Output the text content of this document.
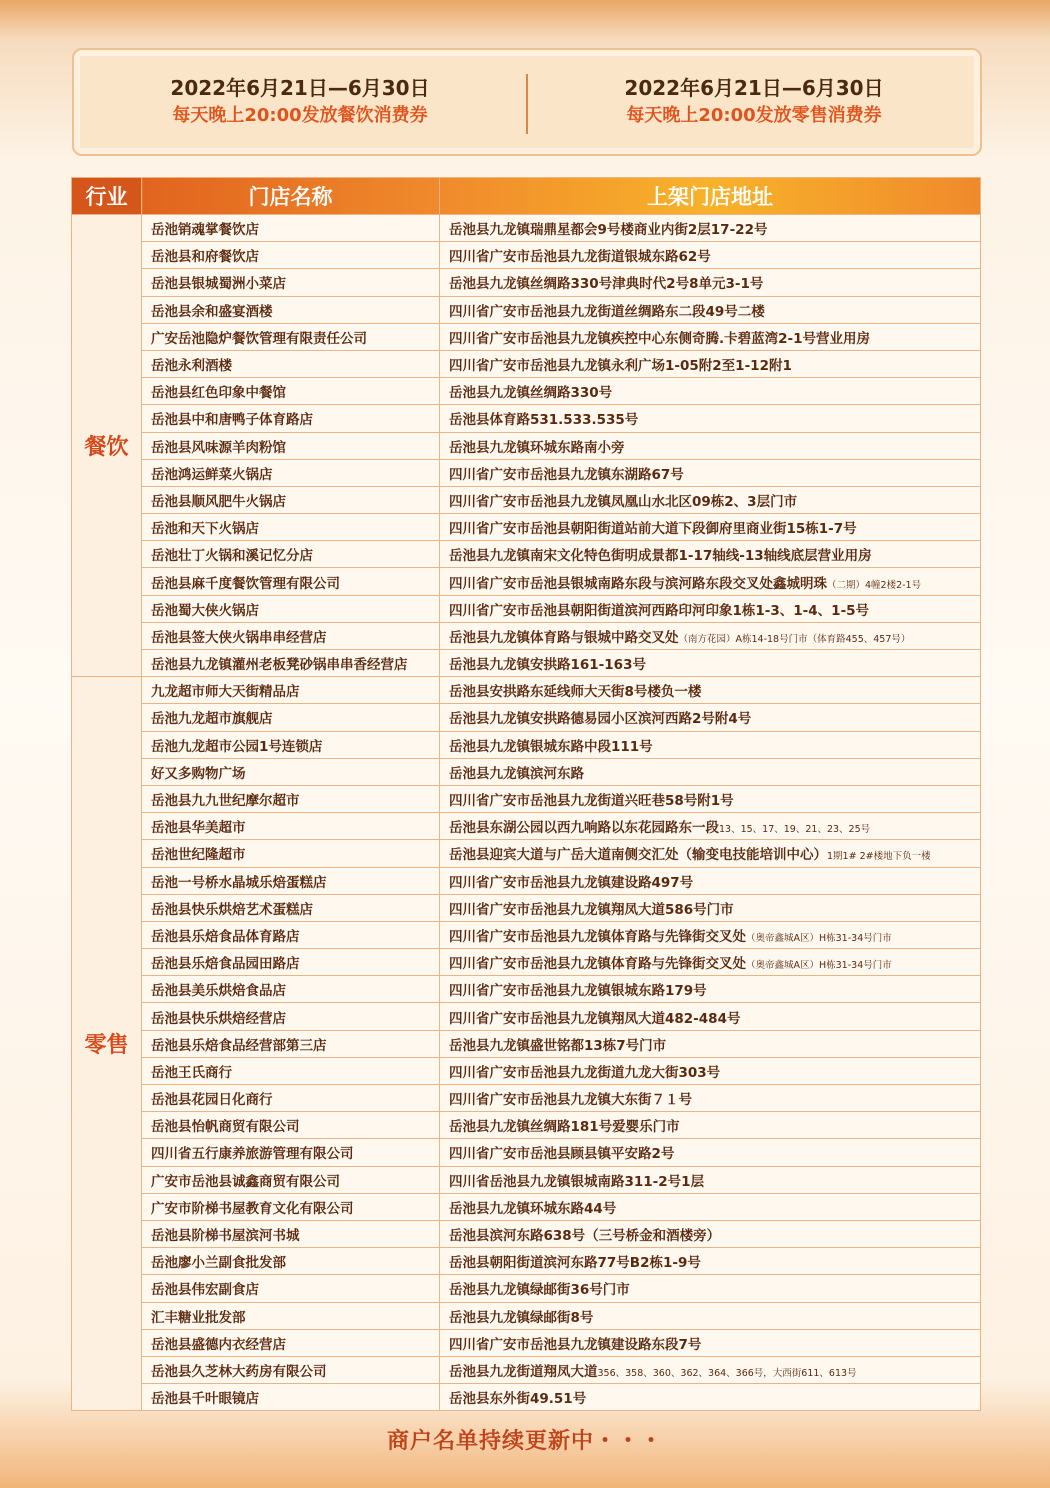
2022年6月21日—6月30日
每天晚上20:00发放餐饮消费券
2022年6月21日—6月30日
每天晚上20:00发放零售消费券
行业	门店名称	上架门店地址
餐饮	岳池销魂掌餐饮店	岳池县九龙镇瑞鼎星都会9号楼商业内街2层17-22号
	岳池县和府餐饮店	四川省广安市岳池县九龙街道银城东路62号
	岳池县银城蜀洲小菜店	岳池县九龙镇丝绸路330号津典时代2号8单元3-1号
	岳池县余和盛宴酒楼	四川省广安市岳池县九龙街道丝绸路东二段49号二楼
	广安岳池隐炉餐饮管理有限责任公司	四川省广安市岳池县九龙镇疾控中心东侧奇腾.卡碧蓝湾2-1号营业用房
	岳池永利酒楼	四川省广安市岳池县九龙镇永利广场1-05附2至1-12附1
	岳池县红色印象中餐馆	岳池县九龙镇丝绸路330号
	岳池县中和唐鸭子体育路店	岳池县体育路531.533.535号
	岳池县风味源羊肉粉馆	岳池县九龙镇环城东路南小旁
	岳池鸿运鲜菜火锅店	四川省广安市岳池县九龙镇东湖路67号
	岳池县顺风肥牛火锅店	四川省广安市岳池县九龙镇凤凰山水北区09栋2、3层门市
	岳池和天下火锅店	四川省广安市岳池县朝阳街道站前大道下段御府里商业街15栋1-7号
	岳池壮丁火锅和溪记忆分店	岳池县九龙镇南宋文化特色街明成景都1-17轴线-13轴线底层营业用房
	岳池县麻千度餐饮管理有限公司	四川省广安市岳池县银城南路东段与滨河路东段交叉处鑫城明珠（二期）4幢2楼2-1号
	岳池蜀大侠火锅店	四川省广安市岳池县朝阳街道滨河西路印河印象1栋1-3、1-4、1-5号
	岳池县签大侠火锅串串经营店	岳池县九龙镇体育路与银城中路交叉处（南方花园）A栋14-18号门市（体育路455、457号）
	岳池县九龙镇灌州老板凳砂锅串串香经营店	岳池县九龙镇安拱路161-163号
零售	九龙超市师大天街精品店	岳池县安拱路东延线师大天街8号楼负一楼
	岳池九龙超市旗舰店	岳池县九龙镇安拱路德易园小区滨河西路2号附4号
	岳池九龙超市公园1号连锁店	岳池县九龙镇银城东路中段111号
	好又多购物广场	岳池县九龙镇滨河东路
	岳池县九九世纪摩尔超市	四川省广安市岳池县九龙街道兴旺巷58号附1号
	岳池县华美超市	岳池县东湖公园以西九响路以东花园路东一段13、15、17、19、21、23、25号
	岳池世纪隆超市	岳池县迎宾大道与广岳大道南侧交汇处（输变电技能培训中心）1期1# 2#楼地下负一楼
	岳池一号桥水晶城乐焙蛋糕店	四川省广安市岳池县九龙镇建设路497号
	岳池县快乐烘焙艺术蛋糕店	四川省广安市岳池县九龙镇翔凤大道586号门市
	岳池县乐焙食品体育路店	四川省广安市岳池县九龙镇体育路与先锋街交叉处（奥帝鑫城A区）H栋31-34号门市
	岳池县乐焙食品园田路店	四川省广安市岳池县九龙镇体育路与先锋街交叉处（奥帝鑫城A区）H栋31-34号门市
	岳池县美乐烘焙食品店	四川省广安市岳池县九龙镇银城东路179号
	岳池县快乐烘焙经营店	四川省广安市岳池县九龙镇翔凤大道482-484号
	岳池县乐焙食品经营部第三店	岳池县九龙镇盛世铭都13栋7号门市
	岳池王氏商行	四川省广安市岳池县九龙街道九龙大街303号
	岳池县花园日化商行	四川省广安市岳池县九龙镇大东街７１号
	岳池县怡帆商贸有限公司	岳池县九龙镇丝绸路181号爱婴乐门市
	四川省五行康养旅游管理有限公司	四川省广安市岳池县顾县镇平安路2号
	广安市岳池县诚鑫商贸有限公司	四川省岳池县九龙镇银城南路311-2号1层
	广安市阶梯书屋教育文化有限公司	岳池县九龙镇环城东路44号
	岳池县阶梯书屋滨河书城	岳池县滨河东路638号（三号桥金和酒楼旁）
	岳池廖小兰副食批发部	岳池县朝阳街道滨河东路77号B2栋1-9号
	岳池县伟宏副食店	岳池县九龙镇绿邮街36号门市
	汇丰糖业批发部	岳池县九龙镇绿邮街8号
	岳池县盛德内衣经营店	四川省广安市岳池县九龙镇建设路东段7号
	岳池县久芝林大药房有限公司	岳池县九龙街道翔凤大道356、358、360、362、364、366号，大西街611、613号
	岳池县千叶眼镜店	岳池县东外街49.51号
商户名单持续更新中・・・
